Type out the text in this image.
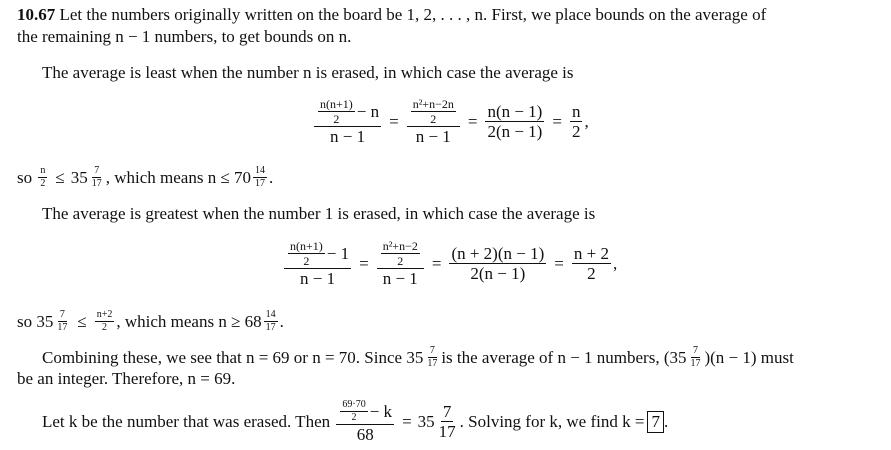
10.67 Let the numbers originally written on the board be 1, 2, . . . , n. First, we place bounds on the average of
the remaining n − 1 numbers, to get bounds on n.
The average is least when the number n is erased, in which case the average is
n(n+1)
2 − n
n − 1 = n²+n−2n
2
$n - 1 = \frac{n(n - 1)}{2(n - 1)} = \frac{n}{2}$ ,
so
$\frac{n}{2} \le 35$ 7
17 , which means n ≤ 70 14
17 .
The average is greatest when the number 1 is erased, in which case the average is
n(n+1)
2 − 1
n − 1 = n²+n−2
2
$n - 1 = \frac{(n + 2)(n - 1)}{2(n - 1)} = \frac{n + 2}{2}$ ,
so $35 \frac{7}{17} \le \frac{n+2}{2}$ , which means n ≥ 68 14
17 .
Combining these, we see that n = 69 or n = 70. Since 35 7
17 is the average of n − 1 numbers, (35 7
17 )(n − 1) must
be an integer. Therefore, n = 69.
Let k be the number that was erased. Then
69·70
2 − k
68 = 35 7
17
. Solving for k, we find k = 7 .
